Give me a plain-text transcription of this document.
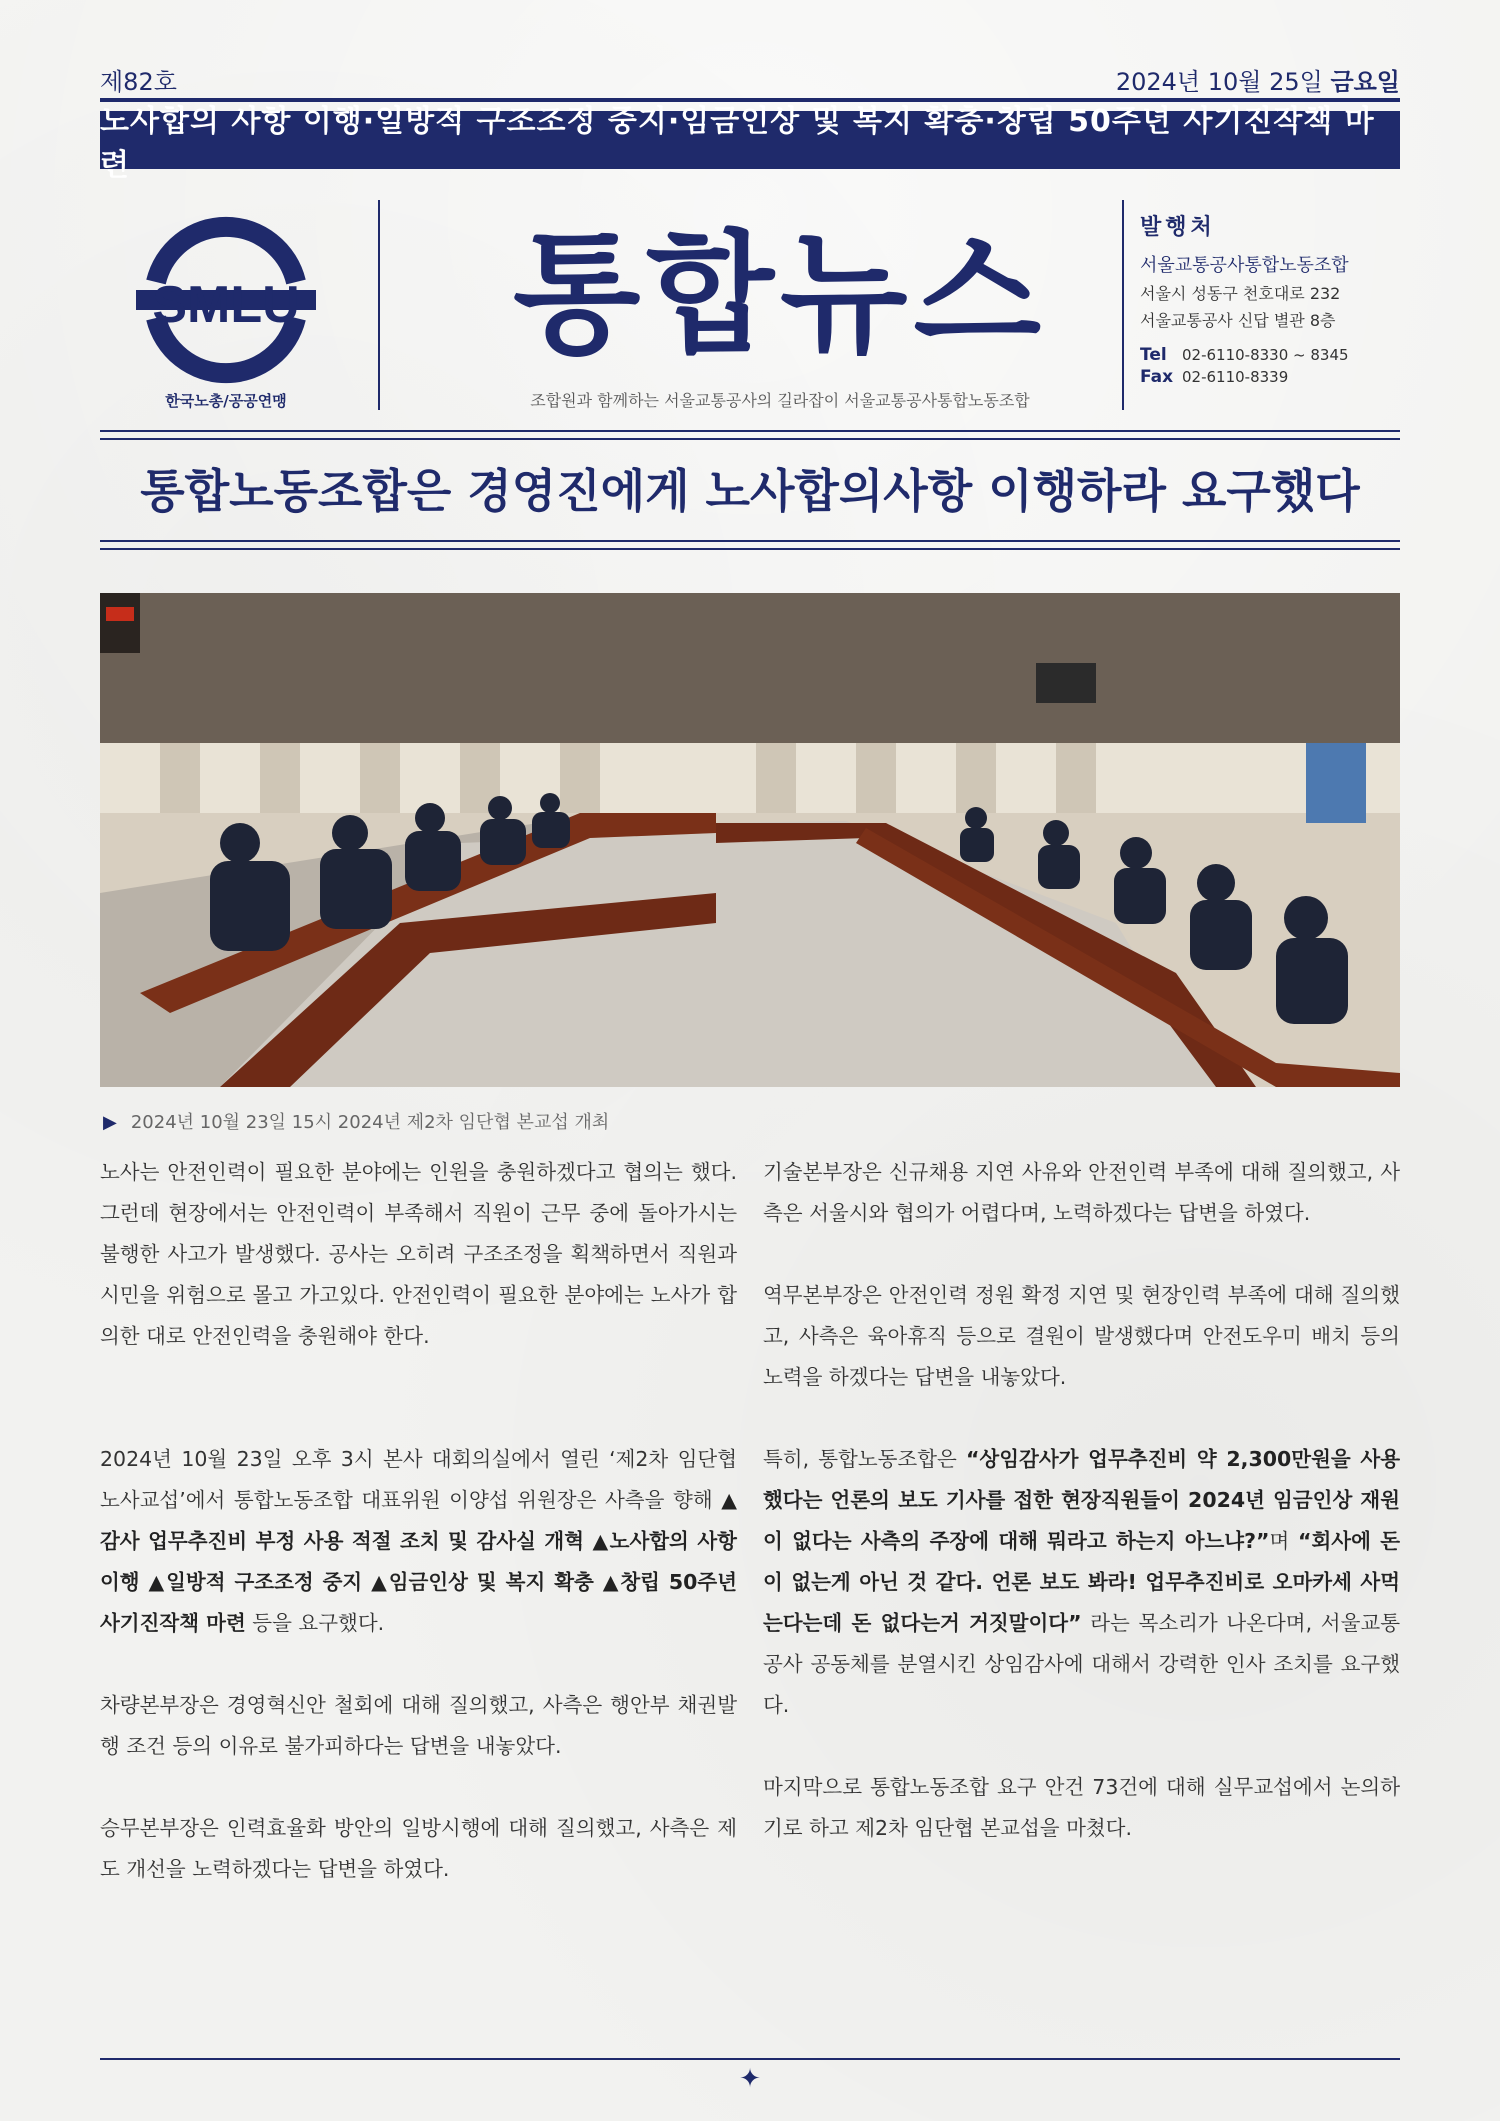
제82호	2024년 10월 25일 금요일
노사합의 사항 이행·일방적 구조조정 중지·임금인상 및 복지 확충·창립 50주년 사기진작책 마련
SMLU
한국노총/공공연맹
통합뉴스
조합원과 함께하는 서울교통공사의 길라잡이 서울교통공사통합노동조합
발행처
서울교통공사통합노동조합
서울시 성동구 천호대로 232
서울교통공사 신답 별관 8층
Tel 02-6110-8330 ~ 8345
Fax 02-6110-8339
통합노동조합은 경영진에게 노사합의사항 이행하라 요구했다
▶ 2024년 10월 23일 15시 2024년 제2차 임단협 본교섭 개최

노사는 안전인력이 필요한 분야에는 인원을 충원하겠다고 협의는 했다. 그런데 현장에서는 안전인력이 부족해서 직원이 근무 중에 돌아가시는 불행한 사고가 발생했다. 공사는 오히려 구조조정을 획책하면서 직원과 시민을 위험으로 몰고 가고있다. 안전인력이 필요한 분야에는 노사가 합의한 대로 안전인력을 충원해야 한다.

2024년 10월 23일 오후 3시 본사 대회의실에서 열린 ‘제2차 임단협 노사교섭’에서 통합노동조합 대표위원 이양섭 위원장은 사측을 향해 ▲감사 업무추진비 부정 사용 적절 조치 및 감사실 개혁 ▲노사합의 사항 이행 ▲일방적 구조조정 중지 ▲임금인상 및 복지 확충 ▲창립 50주년 사기진작책 마련 등을 요구했다.

차량본부장은 경영혁신안 철회에 대해 질의했고, 사측은 행안부 채권발행 조건 등의 이유로 불가피하다는 답변을 내놓았다.

승무본부장은 인력효율화 방안의 일방시행에 대해 질의했고, 사측은 제도 개선을 노력하겠다는 답변을 하였다.

기술본부장은 신규채용 지연 사유와 안전인력 부족에 대해 질의했고, 사측은 서울시와 협의가 어렵다며, 노력하겠다는 답변을 하였다.

역무본부장은 안전인력 정원 확정 지연 및 현장인력 부족에 대해 질의했고, 사측은 육아휴직 등으로 결원이 발생했다며 안전도우미 배치 등의 노력을 하겠다는 답변을 내놓았다.

특히, 통합노동조합은 “상임감사가 업무추진비 약 2,300만원을 사용했다는 언론의 보도 기사를 접한 현장직원들이 2024년 임금인상 재원이 없다는 사측의 주장에 대해 뭐라고 하는지 아느냐?”며 “회사에 돈이 없는게 아닌 것 같다. 언론 보도 봐라! 업무추진비로 오마카세 사먹는다는데 돈 없다는거 거짓말이다” 라는 목소리가 나온다며, 서울교통공사 공동체를 분열시킨 상임감사에 대해서 강력한 인사 조치를 요구했다.

마지막으로 통합노동조합 요구 안건 73건에 대해 실무교섭에서 논의하기로 하고 제2차 임단협 본교섭을 마쳤다.

✦
